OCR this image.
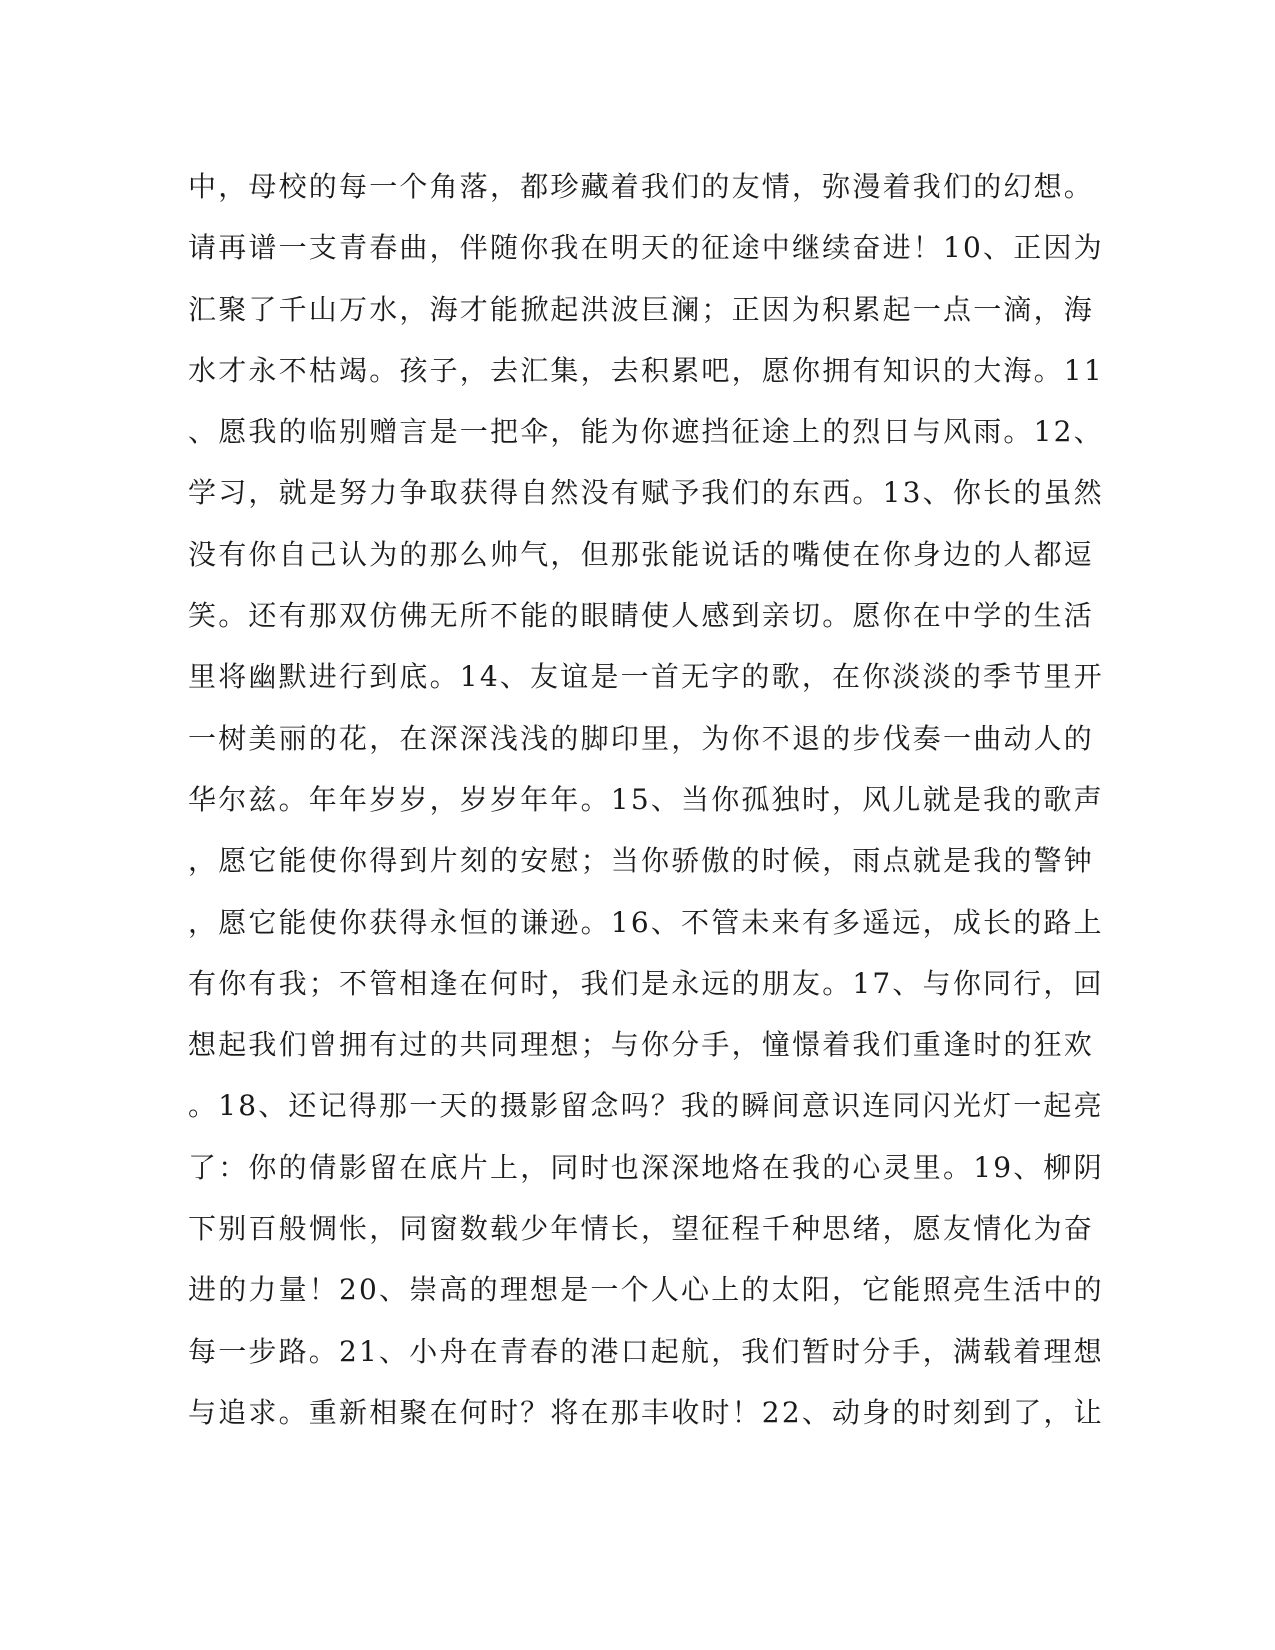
中，母校的每一个角落，都珍藏着我们的友情，弥漫着我们的幻想。
请再谱一支青春曲，伴随你我在明天的征途中继续奋进！10、正因为
汇聚了千山万水，海才能掀起洪波巨澜；正因为积累起一点一滴，海
水才永不枯竭。孩子，去汇集，去积累吧，愿你拥有知识的大海。11
、愿我的临别赠言是一把伞，能为你遮挡征途上的烈日与风雨。12、
学习，就是努力争取获得自然没有赋予我们的东西。13、你长的虽然
没有你自己认为的那么帅气，但那张能说话的嘴使在你身边的人都逗
笑。还有那双仿佛无所不能的眼睛使人感到亲切。愿你在中学的生活
里将幽默进行到底。14、友谊是一首无字的歌，在你淡淡的季节里开
一树美丽的花，在深深浅浅的脚印里，为你不退的步伐奏一曲动人的
华尔兹。年年岁岁，岁岁年年。15、当你孤独时，风儿就是我的歌声
，愿它能使你得到片刻的安慰；当你骄傲的时候，雨点就是我的警钟
，愿它能使你获得永恒的谦逊。16、不管未来有多遥远，成长的路上
有你有我；不管相逢在何时，我们是永远的朋友。17、与你同行，回
想起我们曾拥有过的共同理想；与你分手，憧憬着我们重逢时的狂欢
。18、还记得那一天的摄影留念吗？我的瞬间意识连同闪光灯一起亮
了：你的倩影留在底片上，同时也深深地烙在我的心灵里。19、柳阴
下别百般惆怅，同窗数载少年情长，望征程千种思绪，愿友情化为奋
进的力量！20、崇高的理想是一个人心上的太阳，它能照亮生活中的
每一步路。21、小舟在青春的港口起航，我们暂时分手，满载着理想
与追求。重新相聚在何时？将在那丰收时！22、动身的时刻到了，让
